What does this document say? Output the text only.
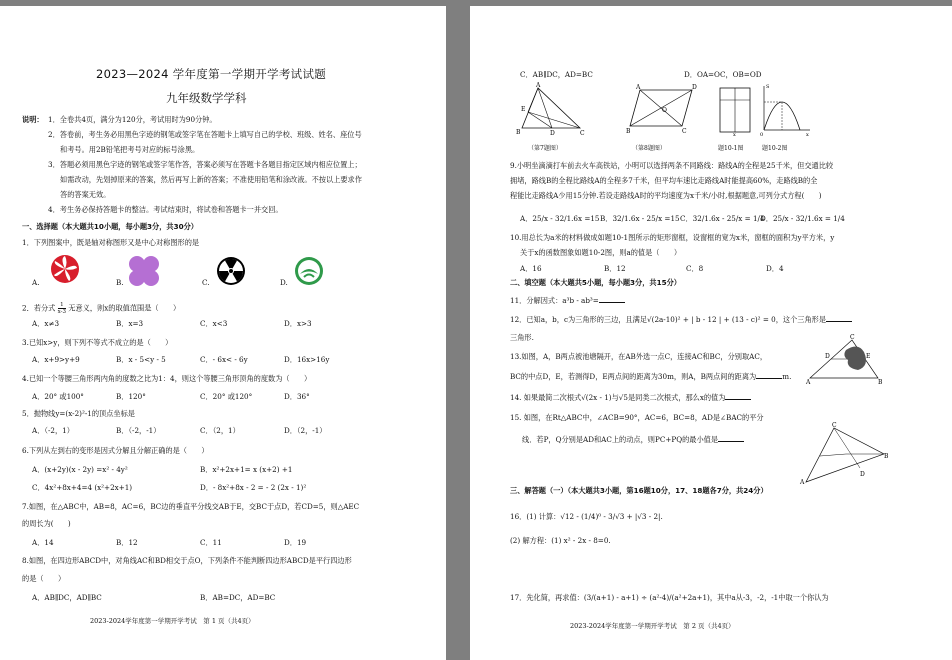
2023—2024 学年度第一学期开学考试试题
九年级数学学科
说明： 1．全卷共4页，满分为120分，考试用时为90分钟。
2．答卷前，考生务必用黑色字迹的钢笔或签字笔在答题卡上填写自己的学校、班级、姓名、座位号
和考号。用2B铅笔把考号对应的标号涂黑。
3．答题必须用黑色字迹的钢笔或签字笔作答，答案必须写在答题卡各题目指定区域内相应位置上；
如需改动，先划掉原来的答案，然后再写上新的答案；不准使用铅笔和涂改液。不按以上要求作
答的答案无效。
4．考生务必保持答题卡的整洁。考试结束时，将试卷和答题卡一并交回。
一、选择题（本大题共10小题，每小题3分，共30分）
1．下列图案中，既是轴对称图形又是中心对称图形的是
A.	B.	C.	D.
2．若分式 $\frac{1}{x-3}$ 无意义，则x的取值范围是（　　）
A．x≠3	B．x=3	C．x<3	D．x>3
3.已知x>y，则下列不等式不成立的是（　　）
A．x+9>y+9	B．x - 5<y - 5	C．- 6x< - 6y	D．16x>16y
4.已知一个等腰三角形两内角的度数之比为1：4，则这个等腰三角形顶角的度数为（　　）
A．20° 或100°	B．120°	C．20° 或120°	D．36°
5．抛物线y=(x-2)²-1的顶点坐标是
A．（-2，1）	B．（-2，-1）	C．（2，1）	D．（2，-1）
6.下列从左到右的变形是因式分解且分解正确的是（　　）
A．(x+2y)(x - 2y) =x² - 4y²	B．x²+2x+1= x (x+2) +1
C．4x²+8x+4=4 (x²+2x+1)	D．- 8x²+8x - 2 = - 2 (2x - 1)²
7.如图，在△ABC中，AB=8，AC=6，BC边的垂直平分线交AB于E，交BC于点D，若CD=5，则△AEC
的周长为(　　)
A．14	B．12	C．11	D．19
8.如图，在四边形ABCD中，对角线AC和BD相交于点O，下列条件不能判断四边形ABCD是平行四边形
的是（　　）
A．AB∥DC，AD∥BC	B．AB=DC，AD=BC
2023-2024学年度第一学期开学考试　第 1 页（共4页）
C．AB∥DC，AD=BC	D．OA=OC，OB=OD
A
E
B	D	C
（第7题图）
A	D
B	C
O
（第8题图）
x
题10-1图
S
0	x
题10-2图
9.小明坐滴滴打车前去火车高铁站，小明可以选择两条不同路线：路线A的全程是25千米，但交通比较
拥堵，路线B的全程比路线A的全程多7千米，但平均车速比走路线A时能提高60%，走路线B的全
程能比走路线A少用15分钟.若设走路线A时的平均速度为x千米/小时,根据题意,可列分式方程(　　)
A．25/x - 32/1.6x =15 B．32/1.6x - 25/x =15 C．32/1.6x - 25/x = 1/4
D．25/x - 32/1.6x = 1/4
10.用总长为a米的材料做成如题10-1图所示的矩形窗框，设窗框的宽为x米，窗框的面积为y平方米，y
关于x的函数图象如题10-2图，则a的值是（　　）
A．16	B．12	C．8	D．4
二、填空题（本大题共5小题，每小题3分，共15分）
11．分解因式：a³b - ab³=
12．已知a，b，c为三角形的三边，且满足√(2a-10)² + | b - 12 | + (13 - c)² = 0，这个三角形是
三角形.
13.如图，A，B两点被池塘隔开，在AB外选一点C，连接AC和BC，分别取AC，
BC的中点D，E，若测得D，E两点间的距离为30m，则A，B两点间的距离为	m.
A	B
C
D	E
14. 如果最简二次根式√(2x - 1)与√5是同类二次根式，那么x的值为
15. 如图，在Rt△ABC中，∠ACB=90°，AC=6，BC=8，AD是∠BAC的平分
线．若P，Q分别是AD和AC上的动点，则PC+PQ的最小值是
A
C
B
D
三、解答题（一）（本大题共3小题，第16题10分，17、18题各7分，共24分）
16．(1) 计算：√12 - (1/4)⁰ - 3/√3 + |√3 - 2|.
(2) 解方程：(1) x² - 2x - 8=0.
17．先化简，再求值：(3/(a+1) - a+1) ÷ (a²-4)/(a²+2a+1)，其中a从-3，-2，-1中取一个你认为
2023-2024学年度第一学期开学考试　第 2 页（共4页）
